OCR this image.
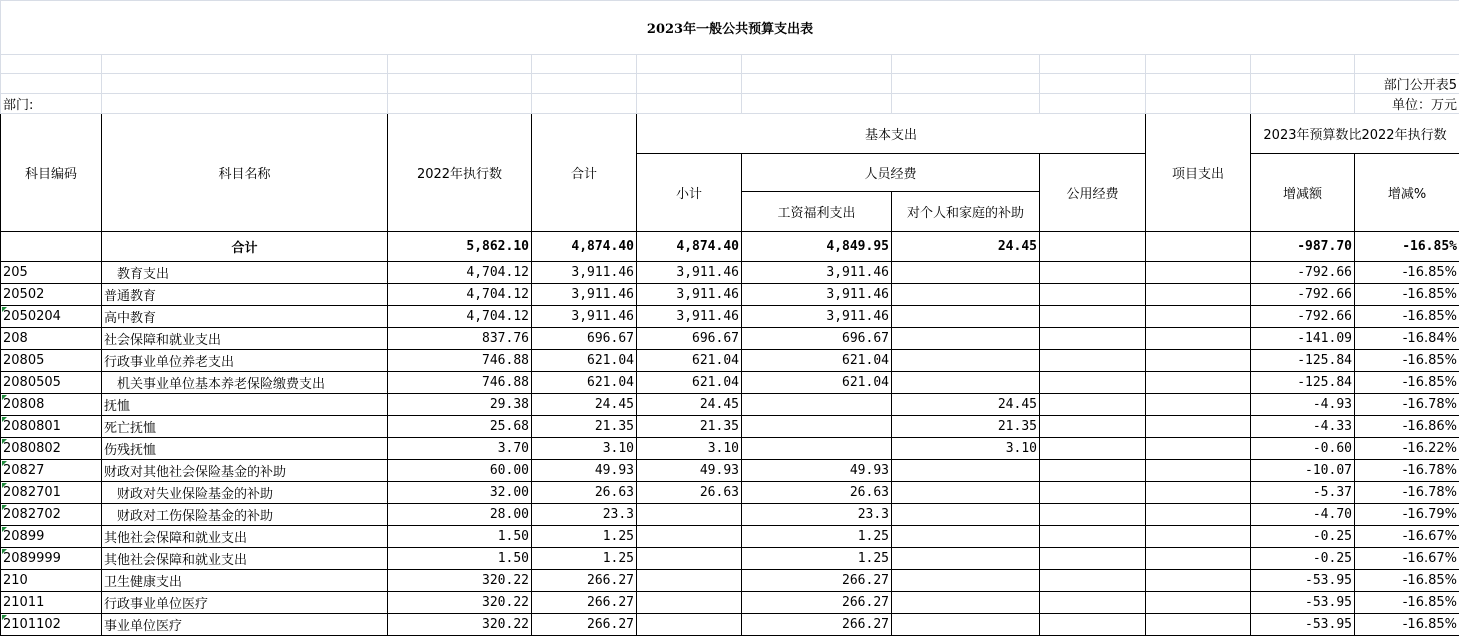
2023年一般公共预算支出表										

										部门公开表5
部门:										单位：万元
科目编码	科目名称	2022年执行数	合计	基本支出				项目支出	2023年预算数比2022年执行数	
				小计	人员经费		公用经费		增减额	增减%
					工资福利支出	对个人和家庭的补助				
	合计	5,862.10	4,874.40	4,874.40	4,849.95	24.45			-987.70	-16.85%
205	　教育支出	4,704.12	3,911.46	3,911.46	3,911.46				-792.66	-16.85%
20502	普通教育	4,704.12	3,911.46	3,911.46	3,911.46				-792.66	-16.85%

2050204	高中教育	4,704.12	3,911.46	3,911.46	3,911.46				-792.66	-16.85%
208	社会保障和就业支出	837.76	696.67	696.67	696.67				-141.09	-16.84%
20805	行政事业单位养老支出	746.88	621.04	621.04	621.04				-125.84	-16.85%
2080505	　机关事业单位基本养老保险缴费支出	746.88	621.04	621.04	621.04				-125.84	-16.85%

20808	抚恤	29.38	24.45	24.45		24.45			-4.93	-16.78%

2080801	死亡抚恤	25.68	21.35	21.35		21.35			-4.33	-16.86%

2080802	伤残抚恤	3.70	3.10	3.10		3.10			-0.60	-16.22%

20827	财政对其他社会保险基金的补助	60.00	49.93	49.93	49.93				-10.07	-16.78%

2082701	　财政对失业保险基金的补助	32.00	26.63	26.63	26.63				-5.37	-16.78%

2082702	　财政对工伤保险基金的补助	28.00	23.3		23.3				-4.70	-16.79%

20899	其他社会保障和就业支出	1.50	1.25		1.25				-0.25	-16.67%

2089999	其他社会保障和就业支出	1.50	1.25		1.25				-0.25	-16.67%
210	卫生健康支出	320.22	266.27		266.27				-53.95	-16.85%
21011	行政事业单位医疗	320.22	266.27		266.27				-53.95	-16.85%

2101102	事业单位医疗	320.22	266.27		266.27				-53.95	-16.85%
